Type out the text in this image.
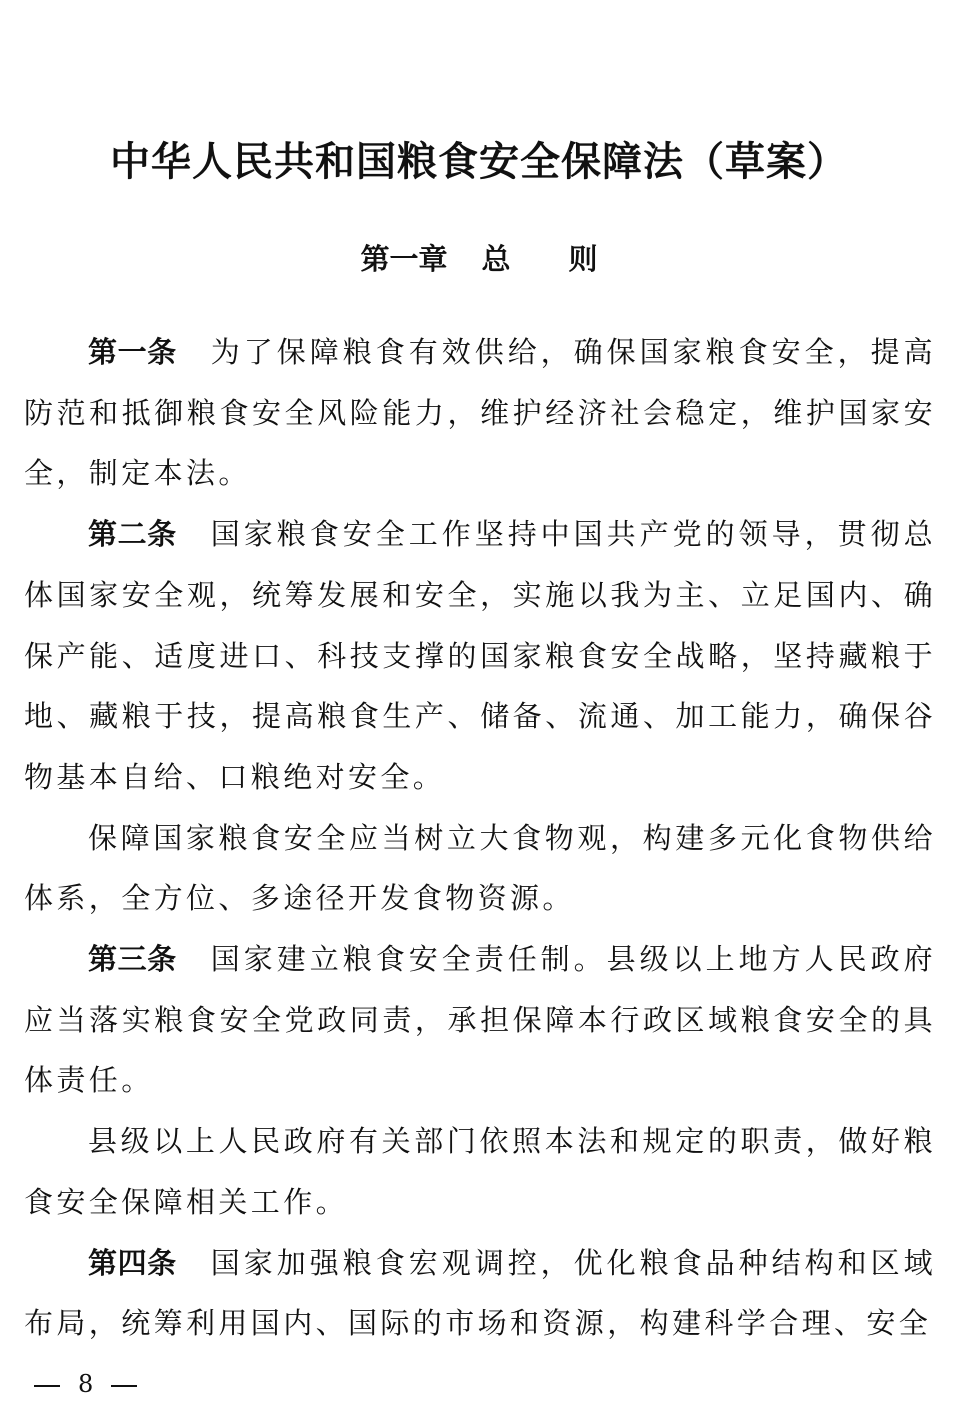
中华人民共和国粮食安全保障法（草案）
第一章 总 则

第一条 为了保障粮食有效供给，确保国家粮食安全，提高防范和抵御粮食安全风险能力，维护经济社会稳定，维护国家安全，制定本法。

第二条 国家粮食安全工作坚持中国共产党的领导，贯彻总体国家安全观，统筹发展和安全，实施以我为主、立足国内、确保产能、适度进口、科技支撑的国家粮食安全战略，坚持藏粮于地、藏粮于技，提高粮食生产、储备、流通、加工能力，确保谷物基本自给、口粮绝对安全。

保障国家粮食安全应当树立大食物观，构建多元化食物供给体系，全方位、多途径开发食物资源。

第三条 国家建立粮食安全责任制。县级以上地方人民政府应当落实粮食安全党政同责，承担保障本行政区域粮食安全的具体责任。

县级以上人民政府有关部门依照本法和规定的职责，做好粮食安全保障相关工作。

第四条 国家加强粮食宏观调控，优化粮食品种结构和区域布局，统筹利用国内、国际的市场和资源，构建科学合理、安全

8
